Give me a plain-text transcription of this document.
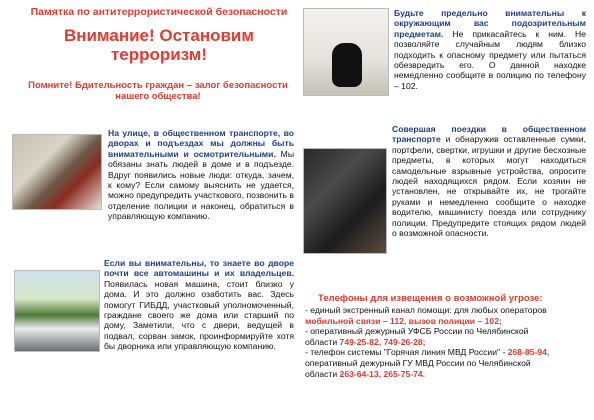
Памятка по антитеррористической безопасности
Внимание! Остановим терроризм!
Помните! Бдительность граждан – залог безопасности нашего общества!
На улице, в общественном транспорте, во дворах и подъездах мы должны быть внимательными и осмотрительными. Мы обязаны знать людей в доме и в подъезде. Вдруг появились новые люди: откуда, зачем, к кому? Если самому выяснить не удается, можно предупредить участкового, позвонить в отделение полиции и наконец, обратиться в управляющую компанию.
Если вы внимательны, то знаете во дворе почти все автомашины и их владельцев. Появилась новая машина, стоит близко у дома. И это должно озаботить вас. Здесь помогут ГИБДД, участковый уполномоченный, граждане своего же дома или старший по дому, Заметили, что с двери, ведущей в подвал, сорван замок, проинформируйте хотя бы дворника или управляющую компанию.
Будьте предельно внимательны к окружающим вас подозрительным предметам. Не прикасайтесь к ним. Не позволяйте случайным людям близко подходить к опасному предмету или пытаться обезвредить его. О данной находке немедленно сообщите в полицию по телефону – 102.
Совершая поездки в общественном транспорте и обнаружив оставленные сумки, портфели, свертки, игрушки и другие бесхозные предметы, в которых могут находиться самодельные взрывные устройства, опросите людей находящихся рядом. Если хозяин не установлен, не открывайте их, не трогайте руками и немедленно сообщите о находке водителю, машинисту поезда или сотруднику полиции. Предупредите стоящих рядом людей о возможной опасности.
Телефоны для извещения о возможной угрозе:
- единый экстренный канал помощи: для любых операторов
мобильной связи – 112, вызов полиции – 102;
- оперативный дежурный УФСБ России по Челябинской
области 749-25-82, 749-26-28;
- телефон системы "Горячая линия МВД России" - 268-85-94,
оперативный дежурный ГУ МВД России по Челябинской
области 263-64-13, 265-75-74.
